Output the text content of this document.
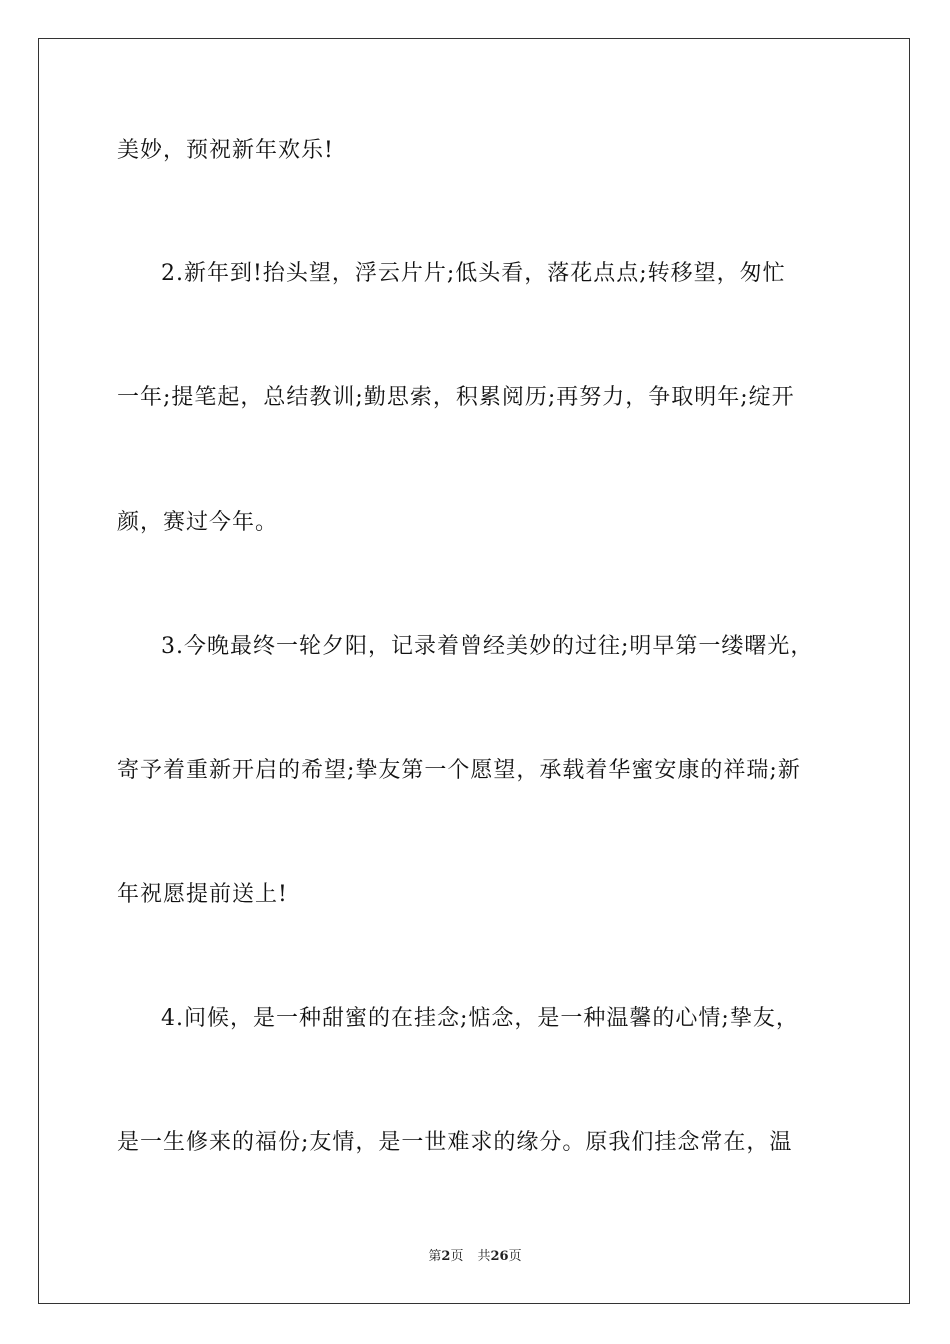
美妙，预祝新年欢乐!
2.新年到!抬头望，浮云片片;低头看，落花点点;转移望，匆忙
一年;提笔起，总结教训;勤思索，积累阅历;再努力，争取明年;绽开
颜，赛过今年。
3.今晚最终一轮夕阳，记录着曾经美妙的过往;明早第一缕曙光，
寄予着重新开启的希望;挚友第一个愿望，承载着华蜜安康的祥瑞;新
年祝愿提前送上!
4.问候，是一种甜蜜的在挂念;惦念，是一种温馨的心情;挚友，
是一生修来的福份;友情，是一世难求的缘分。原我们挂念常在，温
第2页 共26页
